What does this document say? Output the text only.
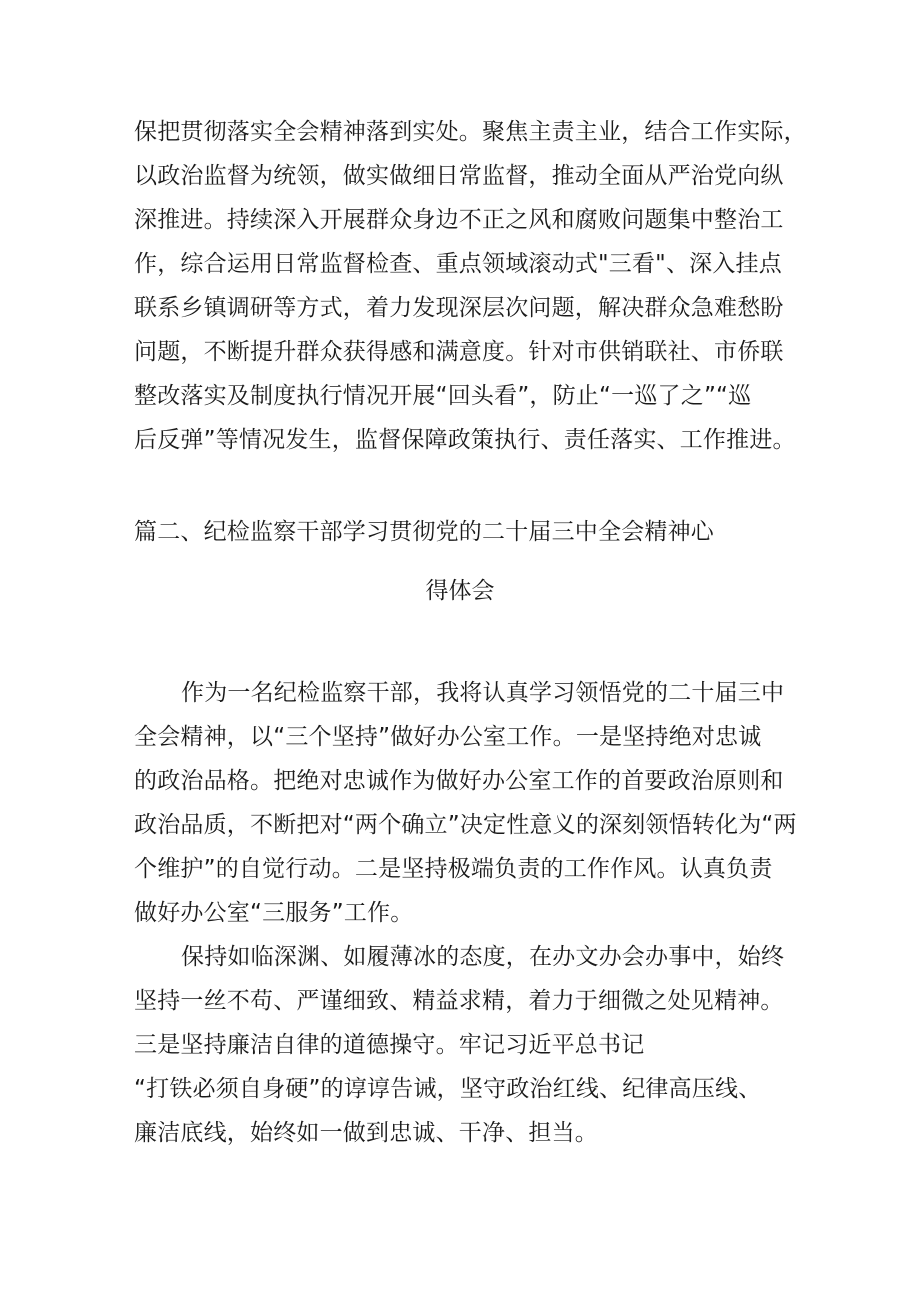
保把贯彻落实全会精神落到实处。聚焦主责主业，结合工作实际，
以政治监督为统领，做实做细日常监督，推动全面从严治党向纵
深推进。持续深入开展群众身边不正之风和腐败问题集中整治工
作，综合运用日常监督检查、重点领域滚动式"三看"、深入挂点
联系乡镇调研等方式，着力发现深层次问题，解决群众急难愁盼
问题，不断提升群众获得感和满意度。针对市供销联社、市侨联
整改落实及制度执行情况开展“回头看”，防止“一巡了之”“巡
后反弹”等情况发生，监督保障政策执行、责任落实、工作推进。
篇二、纪检监察干部学习贯彻党的二十届三中全会精神心
得体会
作为一名纪检监察干部，我将认真学习领悟党的二十届三中
全会精神，以“三个坚持”做好办公室工作。一是坚持绝对忠诚
的政治品格。把绝对忠诚作为做好办公室工作的首要政治原则和
政治品质，不断把对“两个确立”决定性意义的深刻领悟转化为“两
个维护”的自觉行动。二是坚持极端负责的工作作风。认真负责
做好办公室“三服务”工作。
保持如临深渊、如履薄冰的态度，在办文办会办事中，始终
坚持一丝不苟、严谨细致、精益求精，着力于细微之处见精神。
三是坚持廉洁自律的道德操守。牢记习近平总书记
“打铁必须自身硬”的谆谆告诫，坚守政治红线、纪律高压线、
廉洁底线，始终如一做到忠诚、干净、担当。
